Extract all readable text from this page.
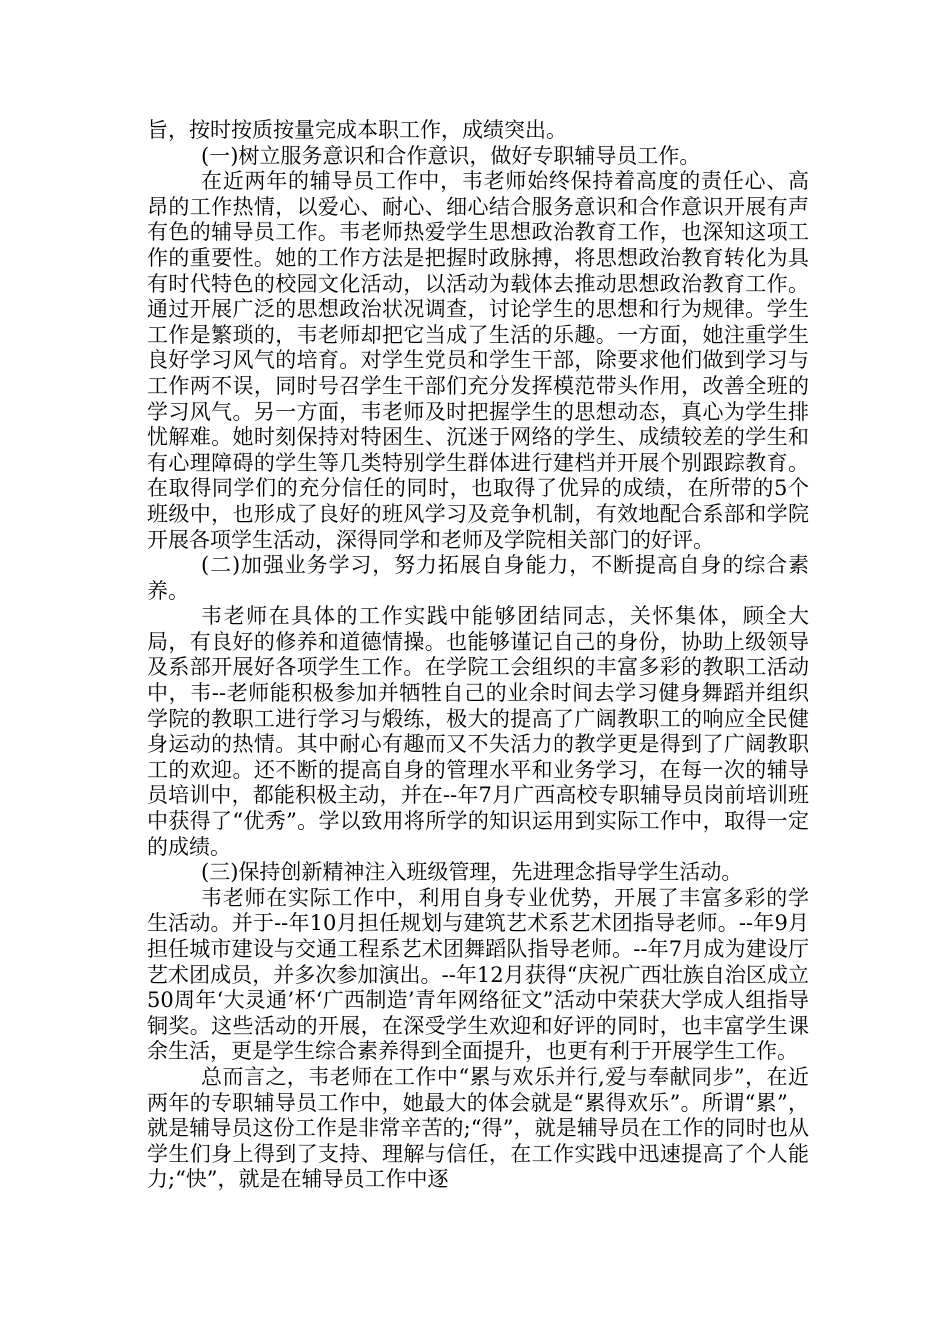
旨，按时按质按量完成本职工作，成绩突出。

(一)树立服务意识和合作意识，做好专职辅导员工作。

在近两年的辅导员工作中，韦老师始终保持着高度的责任心、高昂的工作热情，以爱心、耐心、细心结合服务意识和合作意识开展有声有色的辅导员工作。韦老师热爱学生思想政治教育工作，也深知这项工作的重要性。她的工作方法是把握时政脉搏，将思想政治教育转化为具有时代特色的校园文化活动，以活动为载体去推动思想政治教育工作。通过开展广泛的思想政治状况调查，讨论学生的思想和行为规律。学生工作是繁琐的，韦老师却把它当成了生活的乐趣。一方面，她注重学生良好学习风气的培育。对学生党员和学生干部，除要求他们做到学习与工作两不误，同时号召学生干部们充分发挥模范带头作用，改善全班的学习风气。另一方面，韦老师及时把握学生的思想动态，真心为学生排忧解难。她时刻保持对特困生、沉迷于网络的学生、成绩较差的学生和有心理障碍的学生等几类特别学生群体进行建档并开展个别跟踪教育。在取得同学们的充分信任的同时，也取得了优异的成绩，在所带的5个班级中，也形成了良好的班风学习及竞争机制，有效地配合系部和学院开展各项学生活动，深得同学和老师及学院相关部门的好评。

(二)加强业务学习，努力拓展自身能力，不断提高自身的综合素养。

韦老师在具体的工作实践中能够团结同志，关怀集体，顾全大局，有良好的修养和道德情操。也能够谨记自己的身份，协助上级领导及系部开展好各项学生工作。在学院工会组织的丰富多彩的教职工活动中，韦--老师能积极参加并牺牲自己的业余时间去学习健身舞蹈并组织学院的教职工进行学习与煅练，极大的提高了广阔教职工的响应全民健身运动的热情。其中耐心有趣而又不失活力的教学更是得到了广阔教职工的欢迎。还不断的提高自身的管理水平和业务学习，在每一次的辅导员培训中，都能积极主动，并在--年7月广西高校专职辅导员岗前培训班中获得了“优秀”。学以致用将所学的知识运用到实际工作中，取得一定的成绩。

(三)保持创新精神注入班级管理，先进理念指导学生活动。

韦老师在实际工作中，利用自身专业优势，开展了丰富多彩的学生活动。并于--年10月担任规划与建筑艺术系艺术团指导老师。--年9月担任城市建设与交通工程系艺术团舞蹈队指导老师。--年7月成为建设厅艺术团成员，并多次参加演出。--年12月获得“庆祝广西壮族自治区成立50周年‘大灵通’杯‘广西制造’青年网络征文”活动中荣获大学成人组指导铜奖。这些活动的开展，在深受学生欢迎和好评的同时，也丰富学生课余生活，更是学生综合素养得到全面提升，也更有利于开展学生工作。

总而言之，韦老师在工作中“累与欢乐并行,爱与奉献同步”，在近两年的专职辅导员工作中，她最大的体会就是“累得欢乐”。所谓“累”，就是辅导员这份工作是非常辛苦的;“得”，就是辅导员在工作的同时也从学生们身上得到了支持、理解与信任，在工作实践中迅速提高了个人能力;“快”，就是在辅导员工作中逐
